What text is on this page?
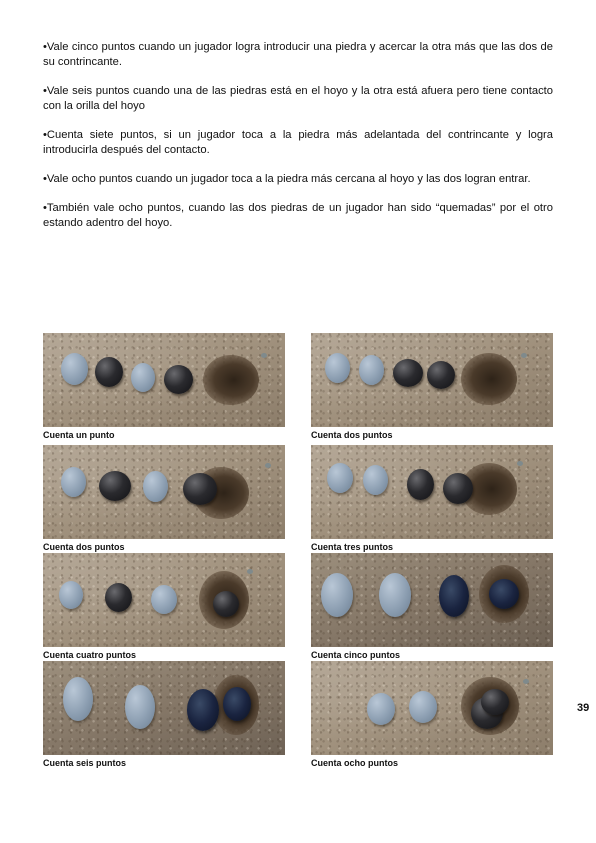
•Vale cinco puntos cuando un jugador logra introducir una piedra y acercar la otra más que las dos de su contrincante.

•Vale seis puntos cuando una de las piedras está en el hoyo y la otra está afuera pero tiene contacto con la orilla del hoyo

•Cuenta siete puntos, si un jugador toca a la piedra más adelantada del contrincante y logra introducirla después del contacto.

•Vale ocho puntos cuando un jugador toca a la piedra más cercana al hoyo y las dos logran entrar.

•También vale ocho puntos, cuando las dos piedras de un jugador han sido “quemadas” por el otro estando adentro del hoyo.

Cuenta un punto	Cuenta dos puntos
Cuenta dos puntos	Cuenta tres puntos
Cuenta cuatro puntos	Cuenta cinco puntos
Cuenta seis puntos	Cuenta ocho puntos
39
